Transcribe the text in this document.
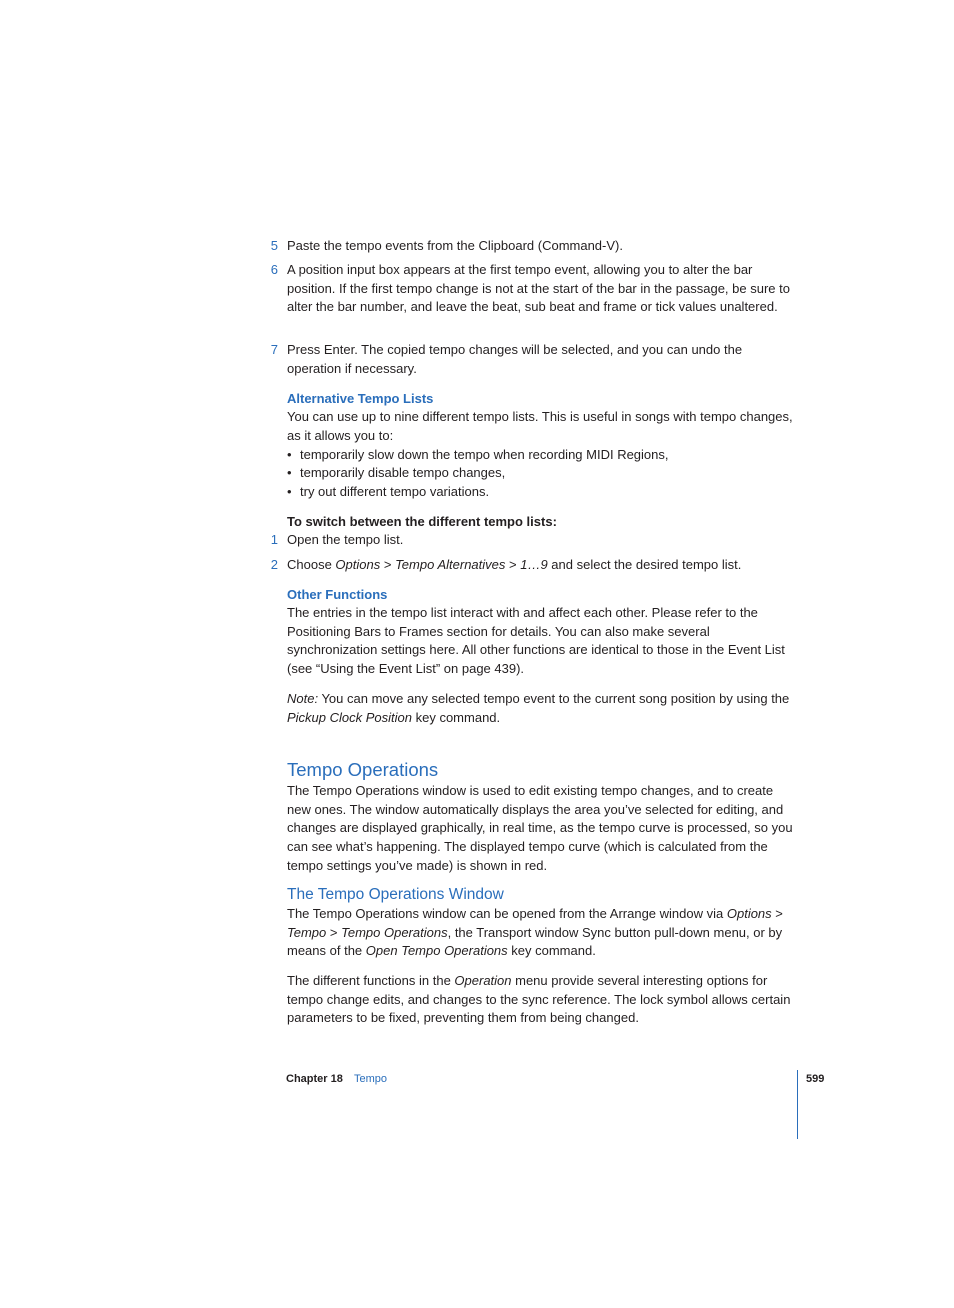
5 Paste the tempo events from the Clipboard (Command-V).

6 A position input box appears at the first tempo event, allowing you to alter the bar position. If the first tempo change is not at the start of the bar in the passage, be sure to alter the bar number, and leave the beat, sub beat and frame or tick values unaltered.

7 Press Enter. The copied tempo changes will be selected, and you can undo the operation if necessary.

Alternative Tempo Lists

You can use up to nine different tempo lists. This is useful in songs with tempo changes, as it allows you to:

• temporarily slow down the tempo when recording MIDI Regions,
• temporarily disable tempo changes,
• try out different tempo variations.

To switch between the different tempo lists:

1 Open the tempo list.

2 Choose Options > Tempo Alternatives > 1…9 and select the desired tempo list.

Other Functions

The entries in the tempo list interact with and affect each other. Please refer to the Positioning Bars to Frames section for details. You can also make several synchronization settings here. All other functions are identical to those in the Event List (see “Using the Event List” on page 439).

Note: You can move any selected tempo event to the current song position by using the Pickup Clock Position key command.

Tempo Operations

The Tempo Operations window is used to edit existing tempo changes, and to create new ones. The window automatically displays the area you’ve selected for editing, and changes are displayed graphically, in real time, as the tempo curve is processed, so you can see what’s happening. The displayed tempo curve (which is calculated from the tempo settings you’ve made) is shown in red.

The Tempo Operations Window

The Tempo Operations window can be opened from the Arrange window via Options > Tempo > Tempo Operations, the Transport window Sync button pull-down menu, or by means of the Open Tempo Operations key command.

The different functions in the Operation menu provide several interesting options for tempo change edits, and changes to the sync reference. The lock symbol allows certain parameters to be fixed, preventing them from being changed.

Chapter 18 Tempo	599
